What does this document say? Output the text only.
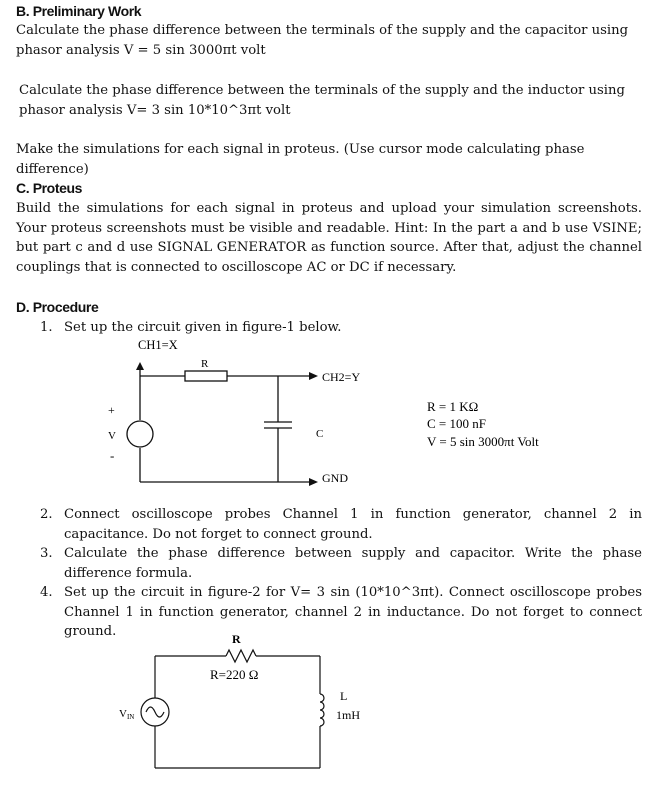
B. Preliminary Work

Calculate the phase difference between the terminals of the supply and the capacitor using phasor analysis V = 5 sin 3000πt volt

Calculate the phase difference between the terminals of the supply and the inductor using phasor analysis V= 3 sin 10*10^3πt volt

Make the simulations for each signal in proteus. (Use cursor mode calculating phase difference)

C. Proteus

Build the simulations for each signal in proteus and upload your simulation screenshots. Your proteus screenshots must be visible and readable. Hint: In the part a and b use VSINE; but part c and d use SIGNAL GENERATOR as function source. After that, adjust the channel couplings that is connected to oscilloscope AC or DC if necessary.

D. Procedure

1. Set up the circuit given in figure-1 below.

CH1=X
R
CH2=Y
C
GND
+
V
-
R = 1 KΩ
C = 100 nF
V = 5 sin 3000πt Volt

2. Connect oscilloscope probes Channel 1 in function generator, channel 2 in capacitance. Do not forget to connect ground.

3. Calculate the phase difference between supply and capacitor. Write the phase difference formula.

4. Set up the circuit in figure-2 for V= 3 sin (10*10^3πt). Connect oscilloscope probes Channel 1 in function generator, channel 2 in inductance. Do not forget to connect ground.	R
R=220 Ω
VIN
L
1mH
